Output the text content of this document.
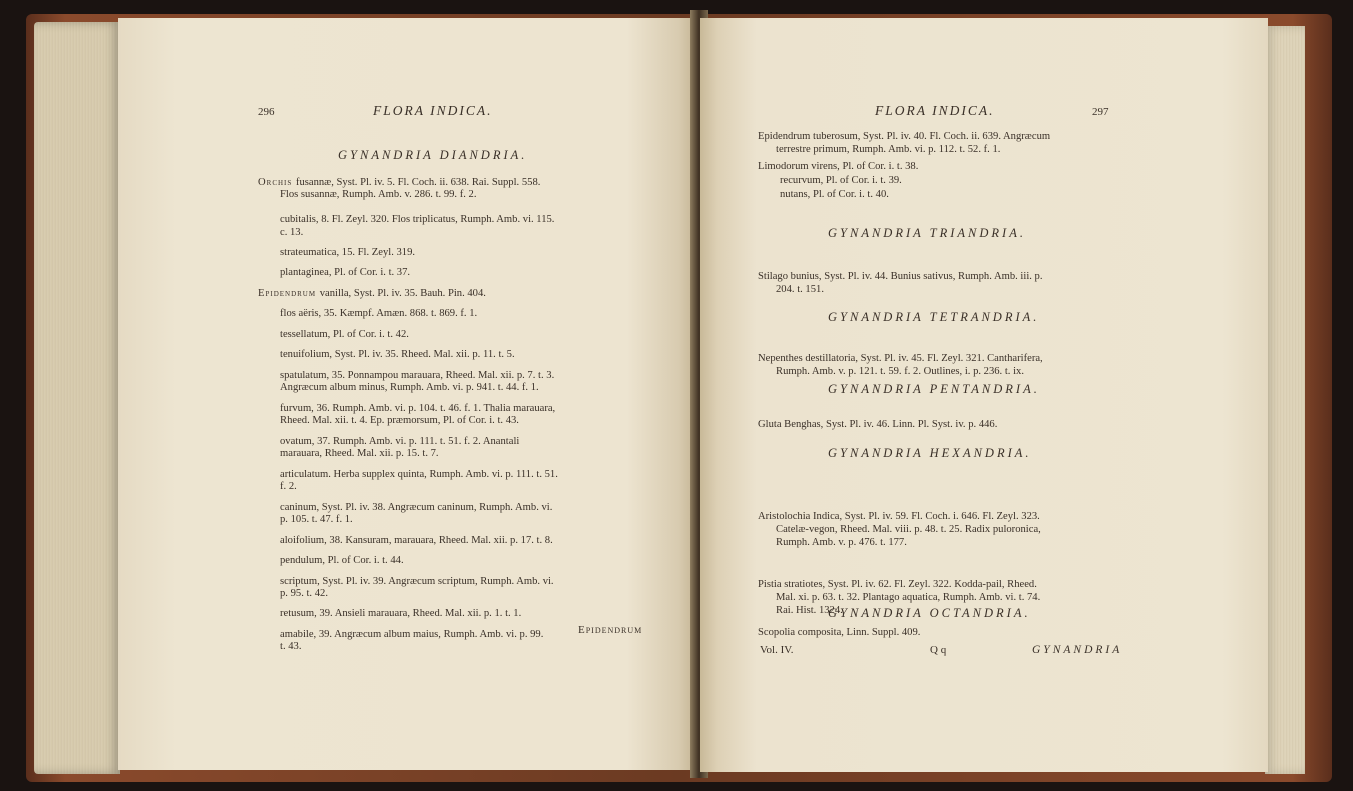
296	FLORA INDICA.
GYNANDRIA DIANDRIA.
Orchis fusannæ, Syst. Pl. iv. 5. Fl. Coch. ii. 638. Rai. Suppl. 558.
Flos susannæ, Rumph. Amb. v. 286. t. 99. f. 2.
cubitalis, 8. Fl. Zeyl. 320. Flos triplicatus, Rumph. Amb. vi. 115.
c. 13.
strateumatica, 15. Fl. Zeyl. 319.
plantaginea, Pl. of Cor. i. t. 37.
Epidendrum vanilla, Syst. Pl. iv. 35. Bauh. Pin. 404.
flos aëris, 35. Kæmpf. Amæn. 868. t. 869. f. 1.
tessellatum, Pl. of Cor. i. t. 42.
tenuifolium, Syst. Pl. iv. 35. Rheed. Mal. xii. p. 11. t. 5.
spatulatum, 35. Ponnampou marauara, Rheed. Mal. xii. p. 7. t. 3.
Angræcum album minus, Rumph. Amb. vi. p. 941. t. 44. f. 1.
furvum, 36. Rumph. Amb. vi. p. 104. t. 46. f. 1. Thalia marauara,
Rheed. Mal. xii. t. 4. Ep. præmorsum, Pl. of Cor. i. t. 43.
ovatum, 37. Rumph. Amb. vi. p. 111. t. 51. f. 2. Anantali
marauara, Rheed. Mal. xii. p. 15. t. 7.
articulatum. Herba supplex quinta, Rumph. Amb. vi. p. 111. t. 51.
f. 2.
caninum, Syst. Pl. iv. 38. Angræcum caninum, Rumph. Amb. vi.
p. 105. t. 47. f. 1.
aloifolium, 38. Kansuram, marauara, Rheed. Mal. xii. p. 17. t. 8.
pendulum, Pl. of Cor. i. t. 44.
scriptum, Syst. Pl. iv. 39. Angræcum scriptum, Rumph. Amb. vi.
p. 95. t. 42.
retusum, 39. Ansieli marauara, Rheed. Mal. xii. p. 1. t. 1.
amabile, 39. Angræcum album maius, Rumph. Amb. vi. p. 99.
t. 43.
Epidendrum
FLORA INDICA.	297
Epidendrum tuberosum, Syst. Pl. iv. 40. Fl. Coch. ii. 639. Angræcum
terrestre primum, Rumph. Amb. vi. p. 112. t. 52. f. 1.
Limodorum virens, Pl. of Cor. i. t. 38.
recurvum, Pl. of Cor. i. t. 39.
nutans, Pl. of Cor. i. t. 40.
GYNANDRIA TRIANDRIA.
Stilago bunius, Syst. Pl. iv. 44. Bunius sativus, Rumph. Amb. iii. p.
204. t. 151.
GYNANDRIA TETRANDRIA.
Nepenthes destillatoria, Syst. Pl. iv. 45. Fl. Zeyl. 321. Cantharifera,
Rumph. Amb. v. p. 121. t. 59. f. 2. Outlines, i. p. 236. t. ix.
GYNANDRIA PENTANDRIA.
Gluta Benghas, Syst. Pl. iv. 46. Linn. Pl. Syst. iv. p. 446.
GYNANDRIA HEXANDRIA.
Aristolochia Indica, Syst. Pl. iv. 59. Fl. Coch. i. 646. Fl. Zeyl. 323.
Catelæ-vegon, Rheed. Mal. viii. p. 48. t. 25. Radix puloronica,
Rumph. Amb. v. p. 476. t. 177.
Pistia stratiotes, Syst. Pl. iv. 62. Fl. Zeyl. 322. Kodda-pail, Rheed.
Mal. xi. p. 63. t. 32. Plantago aquatica, Rumph. Amb. vi. t. 74.
Rai. Hist. 1324.
GYNANDRIA OCTANDRIA.
Scopolia composita, Linn. Suppl. 409.
Vol. IV.	Q q	GYNANDRIA
